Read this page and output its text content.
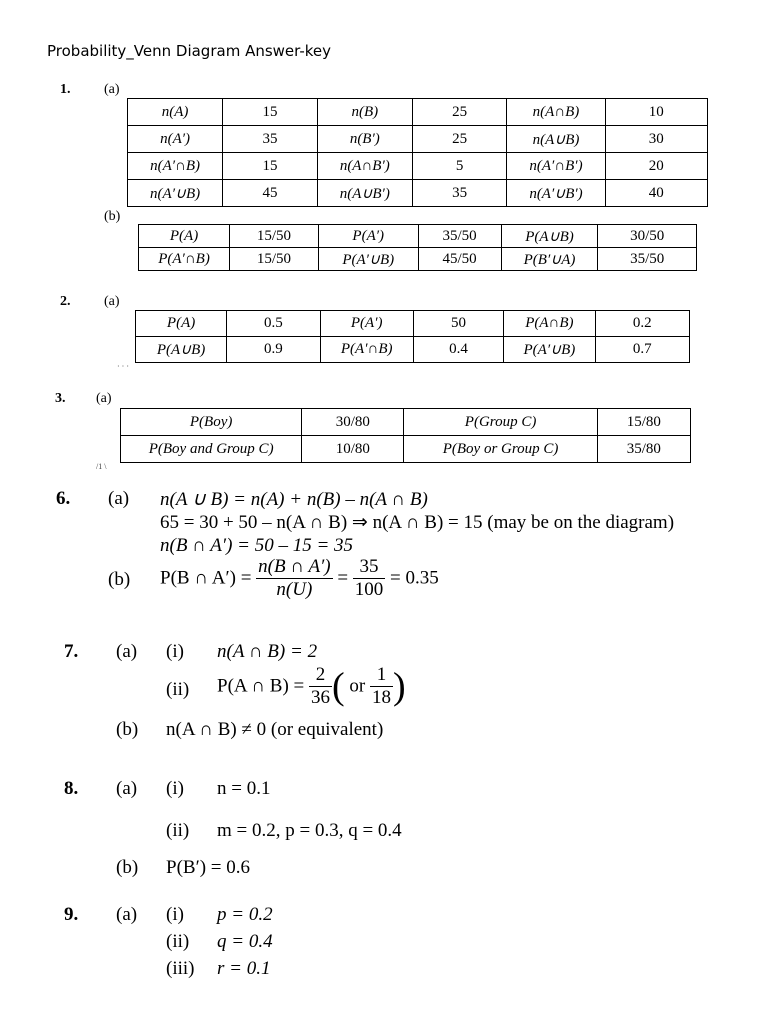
Probability_Venn Diagram Answer-key
1. (a)
n(A)	15	n(B)	25	n(A∩B)	10
n(A′)	35	n(B′)	25	n(A∪B)	30
n(A′∩B)	15	n(A∩B′)	5	n(A′∩B′)	20
n(A′∪B)	45	n(A∪B′)	35	n(A′∪B′)	40
(b)
P(A)	15/50	P(A′)	35/50	P(A∪B)	30/50
P(A′∩B)	15/50	P(A′∪B)	45/50	P(B′∪A)	35/50
2. (a)
P(A)	0.5	P(A′)	50	P(A∩B)	0.2
P(A∪B)	0.9	P(A′∩B)	0.4	P(A′∪B)	0.7
· · ·
3. (a)
P(Boy)	30/80	P(Group C)	15/80
P(Boy and Group C)	10/80	P(Boy or Group C)	35/80
/1 \
6. (a) n(A ∪ B) = n(A) + n(B) – n(A ∩ B)
65 = 30 + 50 – n(A ∩ B) ⇒ n(A ∩ B) = 15 (may be on the diagram)
n(B ∩ A′) = 50 – 15 = 35
(b) P(B ∩ $A') = \frac{n(B \cap A')}{n(U)} = \frac{35}{100} = 0.35$
7. (a) (i) n(A ∩ B) = 2
(ii) P(A ∩ $B) = \frac{2}{36}$ ( or $\frac{1}{18}$ )
(b) n(A ∩ B) ≠ 0 (or equivalent)
8. (a) (i) n = 0.1
(ii) m = 0.2, p = 0.3, q = 0.4
(b) P(B′) = 0.6
9. (a) (i) p = 0.2
(ii) q = 0.4
(iii) r = 0.1
